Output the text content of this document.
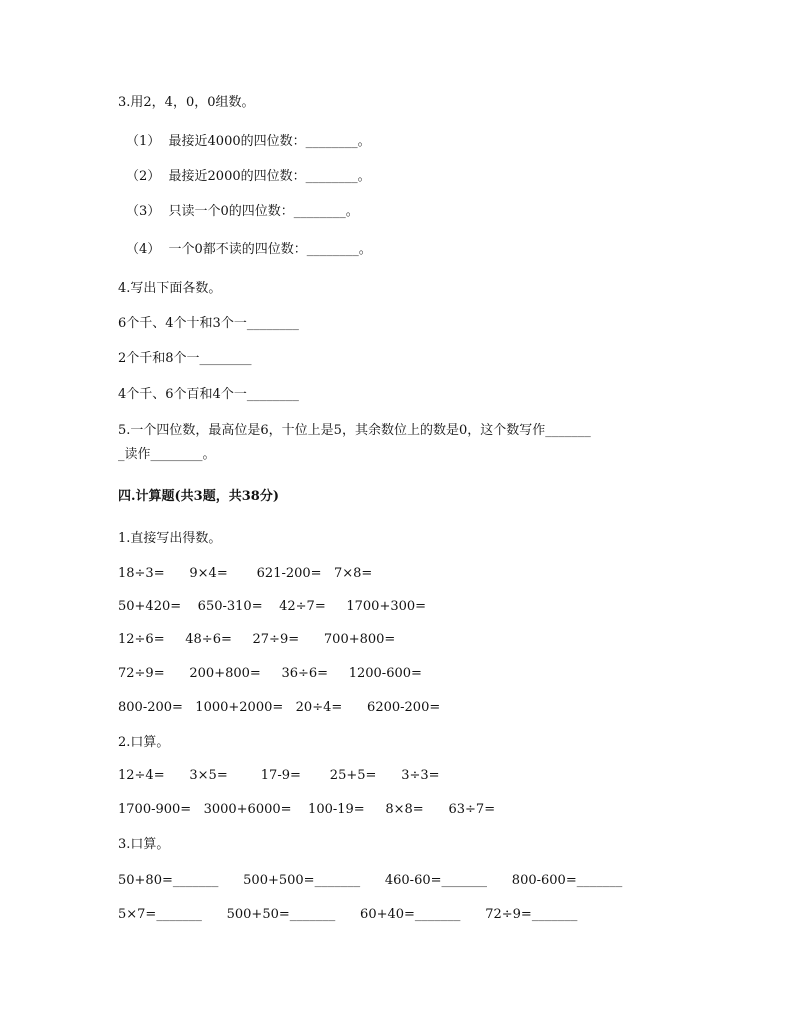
3.用2，4，0，0组数。
（1）  最接近4000的四位数：________。
（2）  最接近2000的四位数：________。
（3）  只读一个0的四位数：________。
（4）  一个0都不读的四位数：________。
4.写出下面各数。
6个千、4个十和3个一________
2个千和8个一________
4个千、6个百和4个一________
5.一个四位数，最高位是6，十位上是5，其余数位上的数是0，这个数写作_______
_读作________。
四.计算题(共3题，共38分)
1.直接写出得数。
18÷3=      9×4=       621-200=   7×8=
50+420=    650-310=    42÷7=     1700+300=
12÷6=     48÷6=     27÷9=      700+800=
72÷9=      200+800=     36÷6=     1200-600=
800-200=   1000+2000=   20÷4=      6200-200=
2.口算。
12÷4=      3×5=        17-9=       25+5=      3÷3=
1700-900=   3000+6000=    100-19=     8×8=      63÷7=
3.口算。
50+80=_______      500+500=_______      460-60=_______      800-600=_______
5×7=_______      500+50=_______      60+40=_______      72÷9=_______
